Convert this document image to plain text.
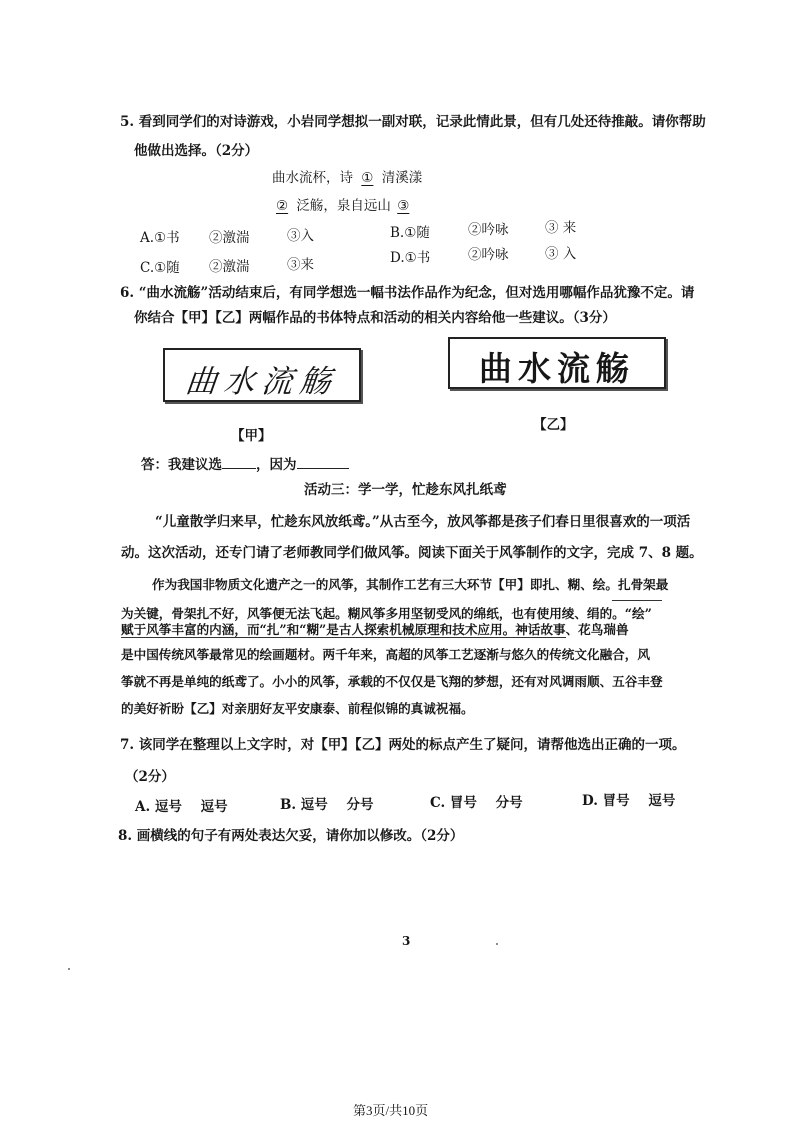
5. 看到同学们的对诗游戏，小岩同学想拟一副对联，记录此情此景，但有几处还待推敲。请你帮助
他做出选择。（2分）
曲水流杯，诗 ① 清溪漾
② 泛觞，泉自远山 ③
A.①书 ②激湍	③入	B.①随	②吟咏	③ 来
C.①随 ②激湍	③来	D.①书	②吟咏	③ 入
6. “曲水流觞”活动结束后，有同学想选一幅书法作品作为纪念，但对选用哪幅作品犹豫不定。请
你结合【甲】【乙】两幅作品的书体特点和活动的相关内容给他一些建议。（3分）
曲水流觞	曲水流觞
【甲】
【乙】
答：我建议选	，因为
活动三：学一学，忙趁东风扎纸鸢
“儿童散学归来早，忙趁东风放纸鸢。”从古至今，放风筝都是孩子们春日里很喜欢的一项活
动。这次活动，还专门请了老师教同学们做风筝。阅读下面关于风筝制作的文字，完成 7、8 题。
作为我国非物质文化遗产之一的风筝，其制作工艺有三大环节【甲】即扎、糊、绘。扎骨架最
为关键，骨架扎不好，风筝便无法飞起。糊风筝多用坚韧受风的绵纸，也有使用绫、绢的。“绘”
赋于风筝丰富的内涵，而“扎”和“糊”是古人探索机械原理和技术应用。神话故事、花鸟瑞兽
是中国传统风筝最常见的绘画题材。两千年来，高超的风筝工艺逐渐与悠久的传统文化融合，风
筝就不再是单纯的纸鸢了。小小的风筝，承载的不仅仅是飞翔的梦想，还有对风调雨顺、五谷丰登
的美好祈盼【乙】对亲朋好友平安康泰、前程似锦的真诚祝福。
7. 该同学在整理以上文字时，对【甲】【乙】两处的标点产生了疑问，请帮他选出正确的一项。
（2分）
A. 逗号 逗号	B. 逗号 分号	C. 冒号 分号	D. 冒号 逗号
8. 画横线的句子有两处表达欠妥，请你加以修改。（2分）
3
第3页/共10页
